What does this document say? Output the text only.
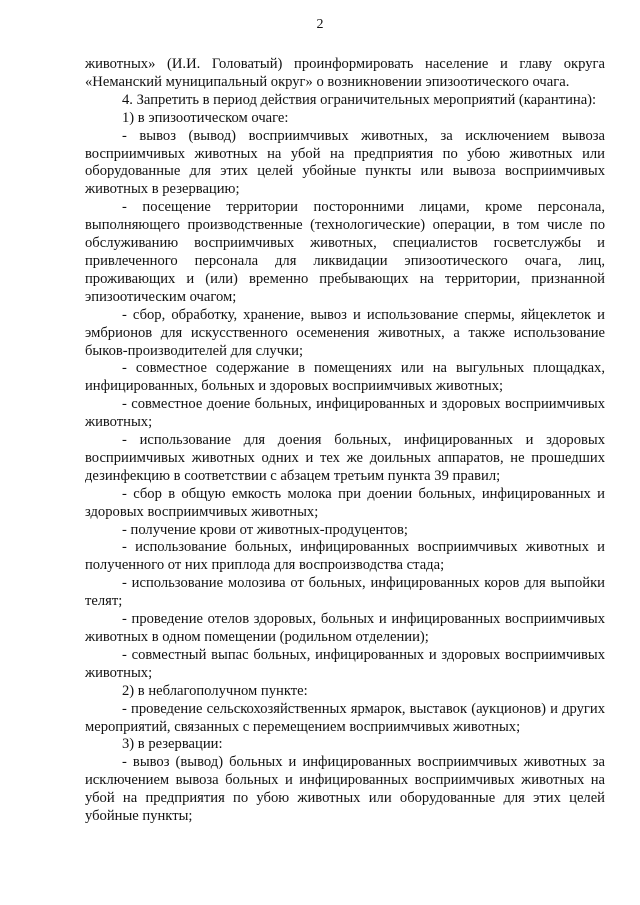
2

животных» (И.И. Головатый) проинформировать население и главу округа «Неманский муниципальный округ» о возникновении эпизоотического очага.

4. Запретить в период действия ограничительных мероприятий (карантина):

1) в эпизоотическом очаге:

- вывоз (вывод) восприимчивых животных, за исключением вывоза восприимчивых животных на убой на предприятия по убою животных или оборудованные для этих целей убойные пункты или вывоза восприимчивых животных в резервацию;

- посещение территории посторонними лицами, кроме персонала, выполняющего производственные (технологические) операции, в том числе по обслуживанию восприимчивых животных, специалистов госветслужбы и привлеченного персонала для ликвидации эпизоотического очага, лиц, проживающих и (или) временно пребывающих на территории, признанной эпизоотическим очагом;

- сбор, обработку, хранение, вывоз и использование спермы, яйцеклеток и эмбрионов для искусственного осеменения животных, а также использование быков-производителей для случки;

- совместное содержание в помещениях или на выгульных площадках, инфицированных, больных и здоровых восприимчивых животных;

- совместное доение больных, инфицированных и здоровых восприимчивых животных;

- использование для доения больных, инфицированных и здоровых восприимчивых животных одних и тех же доильных аппаратов, не прошедших дезинфекцию в соответствии с абзацем третьим пункта 39 правил;

- сбор в общую емкость молока при доении больных, инфицированных и здоровых восприимчивых животных;

- получение крови от животных-продуцентов;

- использование больных, инфицированных восприимчивых животных и полученного от них приплода для воспроизводства стада;

- использование молозива от больных, инфицированных коров для выпойки телят;

- проведение отелов здоровых, больных и инфицированных восприимчивых животных в одном помещении (родильном отделении);

- совместный выпас больных, инфицированных и здоровых восприимчивых животных;

2) в неблагополучном пункте:

- проведение сельскохозяйственных ярмарок, выставок (аукционов) и других мероприятий, связанных с перемещением восприимчивых животных;

3) в резервации:

- вывоз (вывод) больных и инфицированных восприимчивых животных за исключением вывоза больных и инфицированных восприимчивых животных на убой на предприятия по убою животных или оборудованные для этих целей убойные пункты;
